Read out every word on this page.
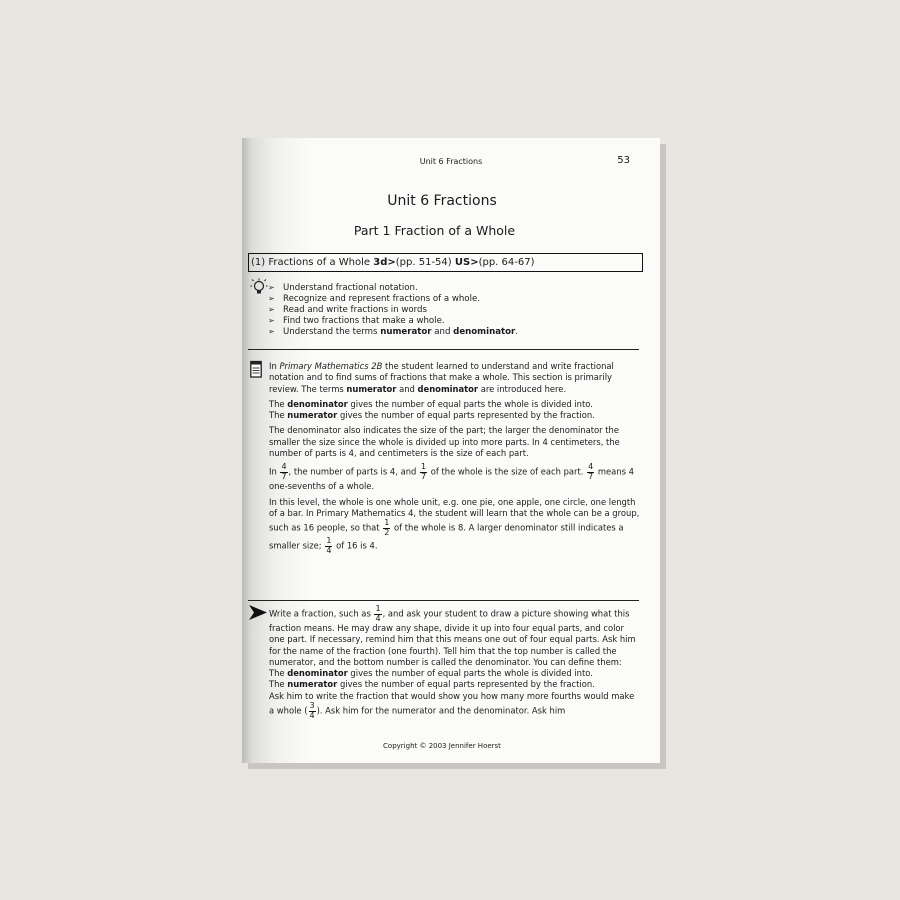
Unit 6 Fractions	53
Unit 6 Fractions
Part 1 Fraction of a Whole
(1) Fractions of a Whole 3d>(pp. 51-54) US>(pp. 64-67)
➢ Understand fractional notation.
➢ Recognize and represent fractions of a whole.
➢ Read and write fractions in words
➢ Find two fractions that make a whole.
➢ Understand the terms numerator and denominator.

In Primary Mathematics 2B the student learned to understand and write fractional notation and to find sums of fractions that make a whole. This section is primarily review. The terms numerator and denominator are introduced here.

The denominator gives the number of equal parts the whole is divided into.
The numerator gives the number of equal parts represented by the fraction.

The denominator also indicates the size of the part; the larger the denominator the smaller the size since the whole is divided up into more parts. In 4 centimeters, the number of parts is 4, and centimeters is the size of each part.

In $\frac{4}{7}$ , the number of parts is 4, and $\frac{1}{7}$ of the whole is the size of each part. $\frac{4}{7}$ means 4 one-sevenths of a whole.

In this level, the whole is one whole unit, e.g. one pie, one apple, one circle, one length of a bar. In Primary Mathematics 4, the student will learn that the whole can be a group, such as 16 people, so that $\frac{1}{2}$ of the whole is 8. A larger denominator still indicates a smaller size; $\frac{1}{4}$ of 16 is 4.

Write a fraction, such as $\frac{1}{4}$ , and ask your student to draw a picture showing what this fraction means. He may draw any shape, divide it up into four equal parts, and color one part. If necessary, remind him that this means one out of four equal parts. Ask him for the name of the fraction (one fourth). Tell him that the top number is called the numerator, and the bottom number is called the denominator. You can define them:
The denominator gives the number of equal parts the whole is divided into.
The numerator gives the number of equal parts represented by the fraction.
Ask him to write the fraction that would show you how many more fourths would make a whole ( $\frac{3}{4}$ ). Ask him for the numerator and the denominator. Ask him

Copyright © 2003 Jennifer Hoerst
